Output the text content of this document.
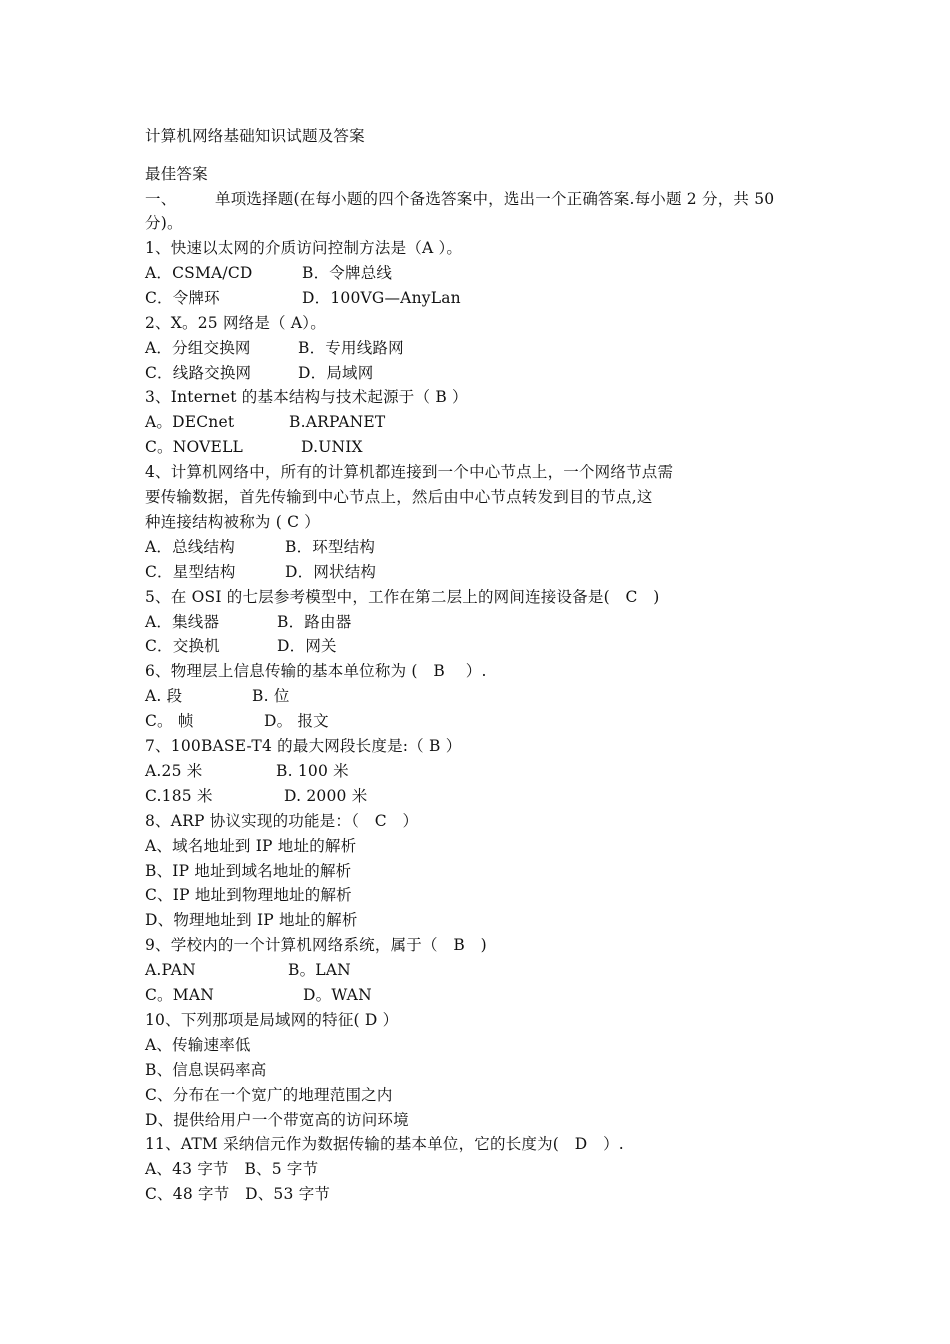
计算机网络基础知识试题及答案
最佳答案
一、 单项选择题(在每小题的四个备选答案中，选出一个正确答案.每小题 2 分，共 50
分)。
1、快速以太网的介质访问控制方法是（A ）。
A．CSMA/CD	B．令牌总线
C．令牌环	D．100VG—AnyLan
2、X。25 网络是（ A）。
A．分组交换网	B．专用线路网
C．线路交换网	D．局域网
3、Internet 的基本结构与技术起源于（ B ）
A。DECnet	B.ARPANET
C。NOVELL	D.UNIX
4、计算机网络中，所有的计算机都连接到一个中心节点上，一个网络节点需
要传输数据，首先传输到中心节点上，然后由中心节点转发到目的节点,这
种连接结构被称为 ( C ）
A．总线结构	B．环型结构
C．星型结构	D．网状结构
5、在 OSI 的七层参考模型中，工作在第二层上的网间连接设备是(　C　)
A．集线器	B．路由器
C．交换机	D．网关
6、物理层上信息传输的基本单位称为 (　B　 ）.
A. 段	B. 位
C。 帧	D。 报文
7、100BASE-T4 的最大网段长度是:（ B ）
A.25 米	B. 100 米
C.185 米	D. 2000 米
8、ARP 协议实现的功能是：（　C　）
A、域名地址到 IP 地址的解析
B、IP 地址到域名地址的解析
C、IP 地址到物理地址的解析
D、物理地址到 IP 地址的解析
9、学校内的一个计算机网络系统，属于（　B　)
A.PAN	B。LAN
C。MAN	D。WAN
10、下列那项是局域网的特征( D ）
A、传输速率低
B、信息误码率高
C、分布在一个宽广的地理范围之内
D、提供给用户一个带宽高的访问环境
11、ATM 采纳信元作为数据传输的基本单位，它的长度为(　D　）.
A、43 字节　B、5 字节
C、48 字节　D、53 字节
